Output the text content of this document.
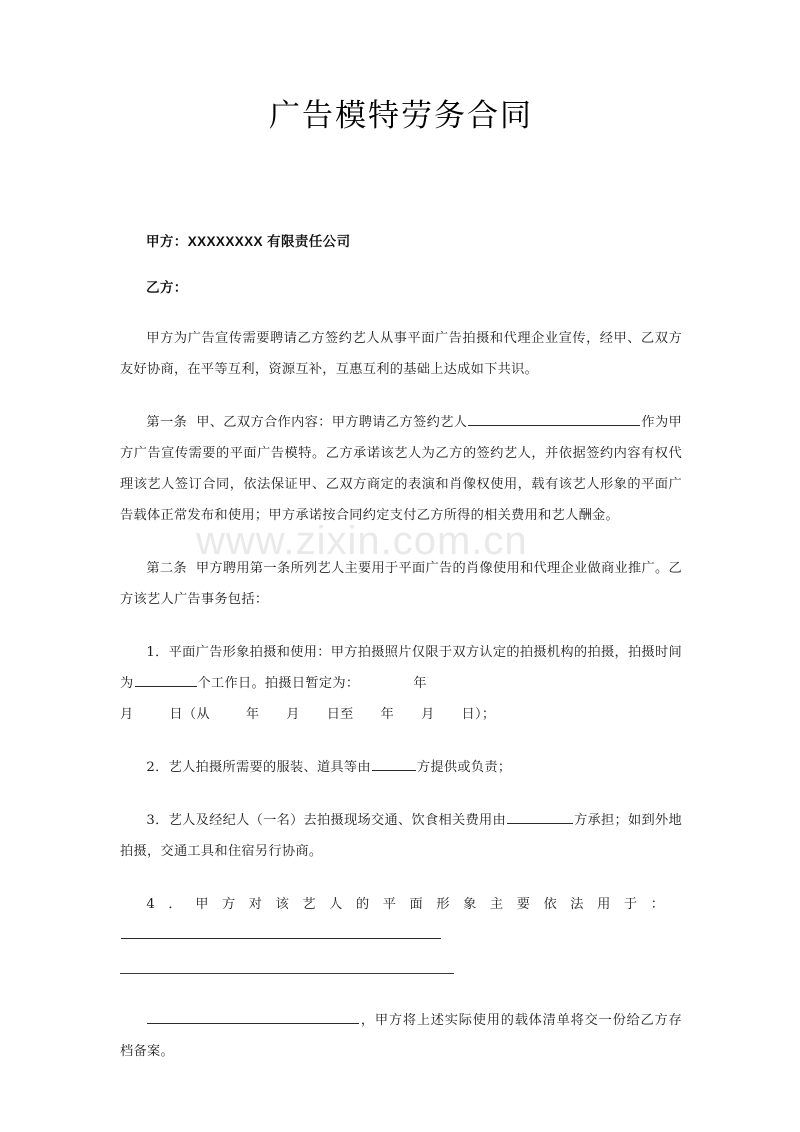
www.zixin.com.cn
广告模特劳务合同

甲方：XXXXXXXX 有限责任公司

乙方：

甲方为广告宣传需要聘请乙方签约艺人从事平面广告拍摄和代理企业宣传，经甲、乙双方友好协商，在平等互利，资源互补，互惠互利的基础上达成如下共识。

第一条 甲、乙双方合作内容：甲方聘请乙方签约艺人	作为甲方广告宣传需要的平面广告模特。乙方承诺该艺人为乙方的签约艺人，并依据签约内容有权代理该艺人签订合同，依法保证甲、乙双方商定的表演和肖像权使用，载有该艺人形象的平面广告载体正常发布和使用；甲方承诺按合同约定支付乙方所得的相关费用和艺人酬金。

第二条 甲方聘用第一条所列艺人主要用于平面广告的肖像使用和代理企业做商业推广。乙方该艺人广告事务包括：

1．平面广告形象拍摄和使用：甲方拍摄照片仅限于双方认定的拍摄机构的拍摄，拍摄时间为	个工作日。拍摄日暂定为：	年

月        日（从        年      月      日至      年      月      日）；

2．艺人拍摄所需要的服装、道具等由	方提供或负责；

3．艺人及经纪人（一名）去拍摄现场交通、饮食相关费用由	方承担；如到外地拍摄，交通工具和住宿另行协商。

4．甲方对该艺人的平面形象主要依法用于：

，甲方将上述实际使用的载体清单将交一份给乙方存档备案。
